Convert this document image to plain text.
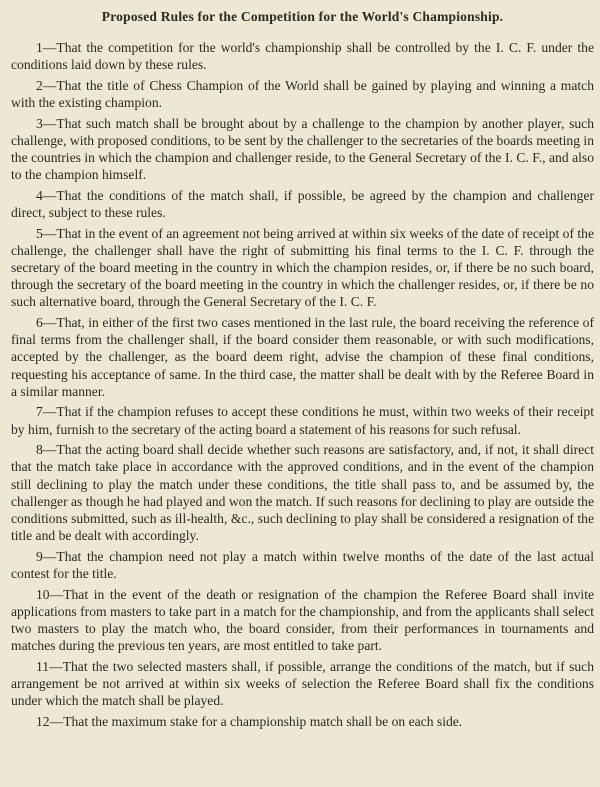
Proposed Rules for the Competition for the World's Championship.

1—That the competition for the world's championship shall be controlled by the I. C. F. under the conditions laid down by these rules.

2—That the title of Chess Champion of the World shall be gained by playing and winning a match with the existing champion.

3—That such match shall be brought about by a challenge to the champion by another player, such challenge, with proposed conditions, to be sent by the challenger to the secretaries of the boards meeting in the countries in which the champion and challenger reside, to the General Secretary of the I. C. F., and also to the champion himself.

4—That the conditions of the match shall, if possible, be agreed by the champion and challenger direct, subject to these rules.

5—That in the event of an agreement not being arrived at within six weeks of the date of receipt of the challenge, the challenger shall have the right of submitting his final terms to the I. C. F. through the secretary of the board meeting in the country in which the champion resides, or, if there be no such board, through the secretary of the board meeting in the country in which the challenger resides, or, if there be no such alternative board, through the General Secretary of the I. C. F.

6—That, in either of the first two cases mentioned in the last rule, the board receiving the reference of final terms from the challenger shall, if the board consider them reasonable, or with such modifications, accepted by the challenger, as the board deem right, advise the champion of these final conditions, requesting his acceptance of same. In the third case, the matter shall be dealt with by the Referee Board in a similar manner.

7—That if the champion refuses to accept these conditions he must, within two weeks of their receipt by him, furnish to the secretary of the acting board a statement of his reasons for such refusal.

8—That the acting board shall decide whether such reasons are satisfactory, and, if not, it shall direct that the match take place in accordance with the approved conditions, and in the event of the champion still declining to play the match under these conditions, the title shall pass to, and be assumed by, the challenger as though he had played and won the match. If such reasons for declining to play are outside the conditions submitted, such as ill-health, &c., such declining to play shall be considered a resignation of the title and be dealt with accordingly.

9—That the champion need not play a match within twelve months of the date of the last actual contest for the title.

10—That in the event of the death or resignation of the champion the Referee Board shall invite applications from masters to take part in a match for the championship, and from the applicants shall select two masters to play the match who, the board consider, from their performances in tournaments and matches during the previous ten years, are most entitled to take part.

11—That the two selected masters shall, if possible, arrange the conditions of the match, but if such arrangement be not arrived at within six weeks of selection the Referee Board shall fix the conditions under which the match shall be played.

12—That the maximum stake for a championship match shall be on each side.
